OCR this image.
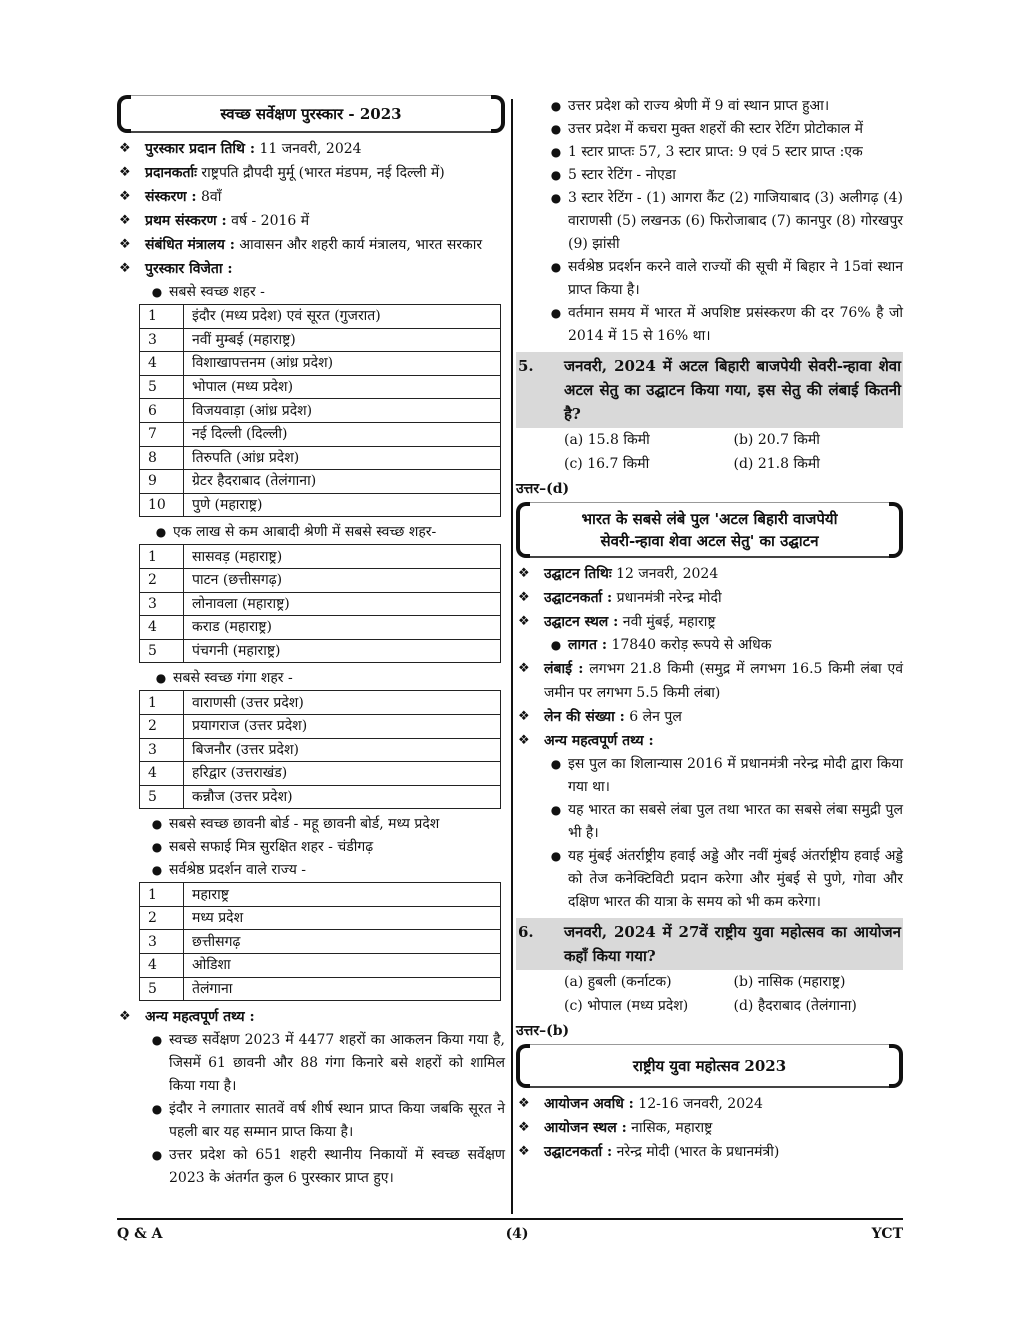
स्वच्छ सर्वेक्षण पुरस्कार - 2023
❖	पुरस्कार प्रदान तिथि : 11 जनवरी, 2024
❖	प्रदानकर्ताः राष्ट्रपति द्रौपदी मुर्मू (भारत मंडपम, नई दिल्ली में)
❖	संस्करण : 8वाँ
❖	प्रथम संस्करण : वर्ष - 2016 में
❖	संबंधित मंत्रालय : आवासन और शहरी कार्य मंत्रालय, भारत सरकार
❖	पुरस्कार विजेता :
● सबसे स्वच्छ शहर -
1	इंदौर (मध्य प्रदेश) एवं सूरत (गुजरात)
3	नवीं मुम्बई (महाराष्ट्र)
4	विशाखापत्तनम (आंध्र प्रदेश)
5	भोपाल (मध्य प्रदेश)
6	विजयवाड़ा (आंध्र प्रदेश)
7	नई दिल्ली (दिल्ली)
8	तिरुपति (आंध्र प्रदेश)
9	ग्रेटर हैदराबाद (तेलंगाना)
10	पुणे (महाराष्ट्र)
● एक लाख से कम आबादी श्रेणी में सबसे स्वच्छ शहर-
1	सासवड़ (महाराष्ट्र)
2	पाटन (छत्तीसगढ़)
3	लोनावला (महाराष्ट्र)
4	कराड (महाराष्ट्र)
5	पंचगनी (महाराष्ट्र)
● सबसे स्वच्छ गंगा शहर -
1	वाराणसी (उत्तर प्रदेश)
2	प्रयागराज (उत्तर प्रदेश)
3	बिजनौर (उत्तर प्रदेश)
4	हरिद्वार (उत्तराखंड)
5	कन्नौज (उत्तर प्रदेश)
● सबसे स्वच्छ छावनी बोर्ड - महू छावनी बोर्ड, मध्य प्रदेश
● सबसे सफाई मित्र सुरक्षित शहर - चंडीगढ़
● सर्वश्रेष्ठ प्रदर्शन वाले राज्य -
1	महाराष्ट्र
2	मध्य प्रदेश
3	छत्तीसगढ़
4	ओडिशा
5	तेलंगाना
❖	अन्य महत्वपूर्ण तथ्य :
● स्वच्छ सर्वेक्षण 2023 में 4477 शहरों का आकलन किया गया है, जिसमें 61 छावनी और 88 गंगा किनारे बसे शहरों को शामिल किया गया है।
● इंदौर ने लगातार सातवें वर्ष शीर्ष स्थान प्राप्त किया जबकि सूरत ने पहली बार यह सम्मान प्राप्त किया है।
● उत्तर प्रदेश को 651 शहरी स्थानीय निकायों में स्वच्छ सर्वेक्षण 2023 के अंतर्गत कुल 6 पुरस्कार प्राप्त हुए।
● उत्तर प्रदेश को राज्य श्रेणी में 9 वां स्थान प्राप्त हुआ।
● उत्तर प्रदेश में कचरा मुक्त शहरों की स्टार रेटिंग प्रोटोकाल में
● 1 स्टार प्राप्तः 57, 3 स्टार प्राप्त: 9 एवं 5 स्टार प्राप्त :एक
● 5 स्टार रेटिंग - नोएडा
● 3 स्टार रेटिंग - (1) आगरा कैंट (2) गाजियाबाद (3) अलीगढ़ (4) वाराणसी (5) लखनऊ (6) फिरोजाबाद (7) कानपुर (8) गोरखपुर (9) झांसी
● सर्वश्रेष्ठ प्रदर्शन करने वाले राज्यों की सूची में बिहार ने 15वां स्थान प्राप्त किया है।
● वर्तमान समय में भारत में अपशिष्ट प्रसंस्करण की दर 76% है जो 2014 में 15 से 16% था।
5.	जनवरी, 2024 में अटल बिहारी बाजपेयी सेवरी-न्हावा शेवा अटल सेतु का उद्घाटन किया गया, इस सेतु की लंबाई कितनी है?
(a) 15.8 किमी	(b) 20.7 किमी
(c) 16.7 किमी	(d) 21.8 किमी
उत्तर–(d)
भारत के सबसे लंबे पुल 'अटल बिहारी वाजपेयी
सेवरी-न्हावा शेवा अटल सेतु' का उद्घाटन
❖	उद्घाटन तिथिः 12 जनवरी, 2024
❖	उद्घाटनकर्ता : प्रधानमंत्री नरेन्द्र मोदी
❖	उद्घाटन स्थल : नवी मुंबई, महाराष्ट्र
● लागत : 17840 करोड़ रूपये से अधिक
❖	लंबाई : लगभग 21.8 किमी (समुद्र में लगभग 16.5 किमी लंबा एवं जमीन पर लगभग 5.5 किमी लंबा)
❖	लेन की संख्या : 6 लेन पुल
❖	अन्य महत्वपूर्ण तथ्य :
● इस पुल का शिलान्यास 2016 में प्रधानमंत्री नरेन्द्र मोदी द्वारा किया गया था।
● यह भारत का सबसे लंबा पुल तथा भारत का सबसे लंबा समुद्री पुल भी है।
● यह मुंबई अंतर्राष्ट्रीय हवाई अड्डे और नवीं मुंबई अंतर्राष्ट्रीय हवाई अड्डे को तेज कनेक्टिविटी प्रदान करेगा और मुंबई से पुणे, गोवा और दक्षिण भारत की यात्रा के समय को भी कम करेगा।
6.	जनवरी, 2024 में 27वें राष्ट्रीय युवा महोत्सव का आयोजन कहाँ किया गया?
(a) हुबली (कर्नाटक)	(b) नासिक (महाराष्ट्र)
(c) भोपाल (मध्य प्रदेश)	(d) हैदराबाद (तेलंगाना)
उत्तर–(b)
राष्ट्रीय युवा महोत्सव 2023
❖	आयोजन अवधि : 12-16 जनवरी, 2024
❖	आयोजन स्थल : नासिक, महाराष्ट्र
❖	उद्घाटनकर्ता : नरेन्द्र मोदी (भारत के प्रधानमंत्री)
Q & A	(4)	YCT
